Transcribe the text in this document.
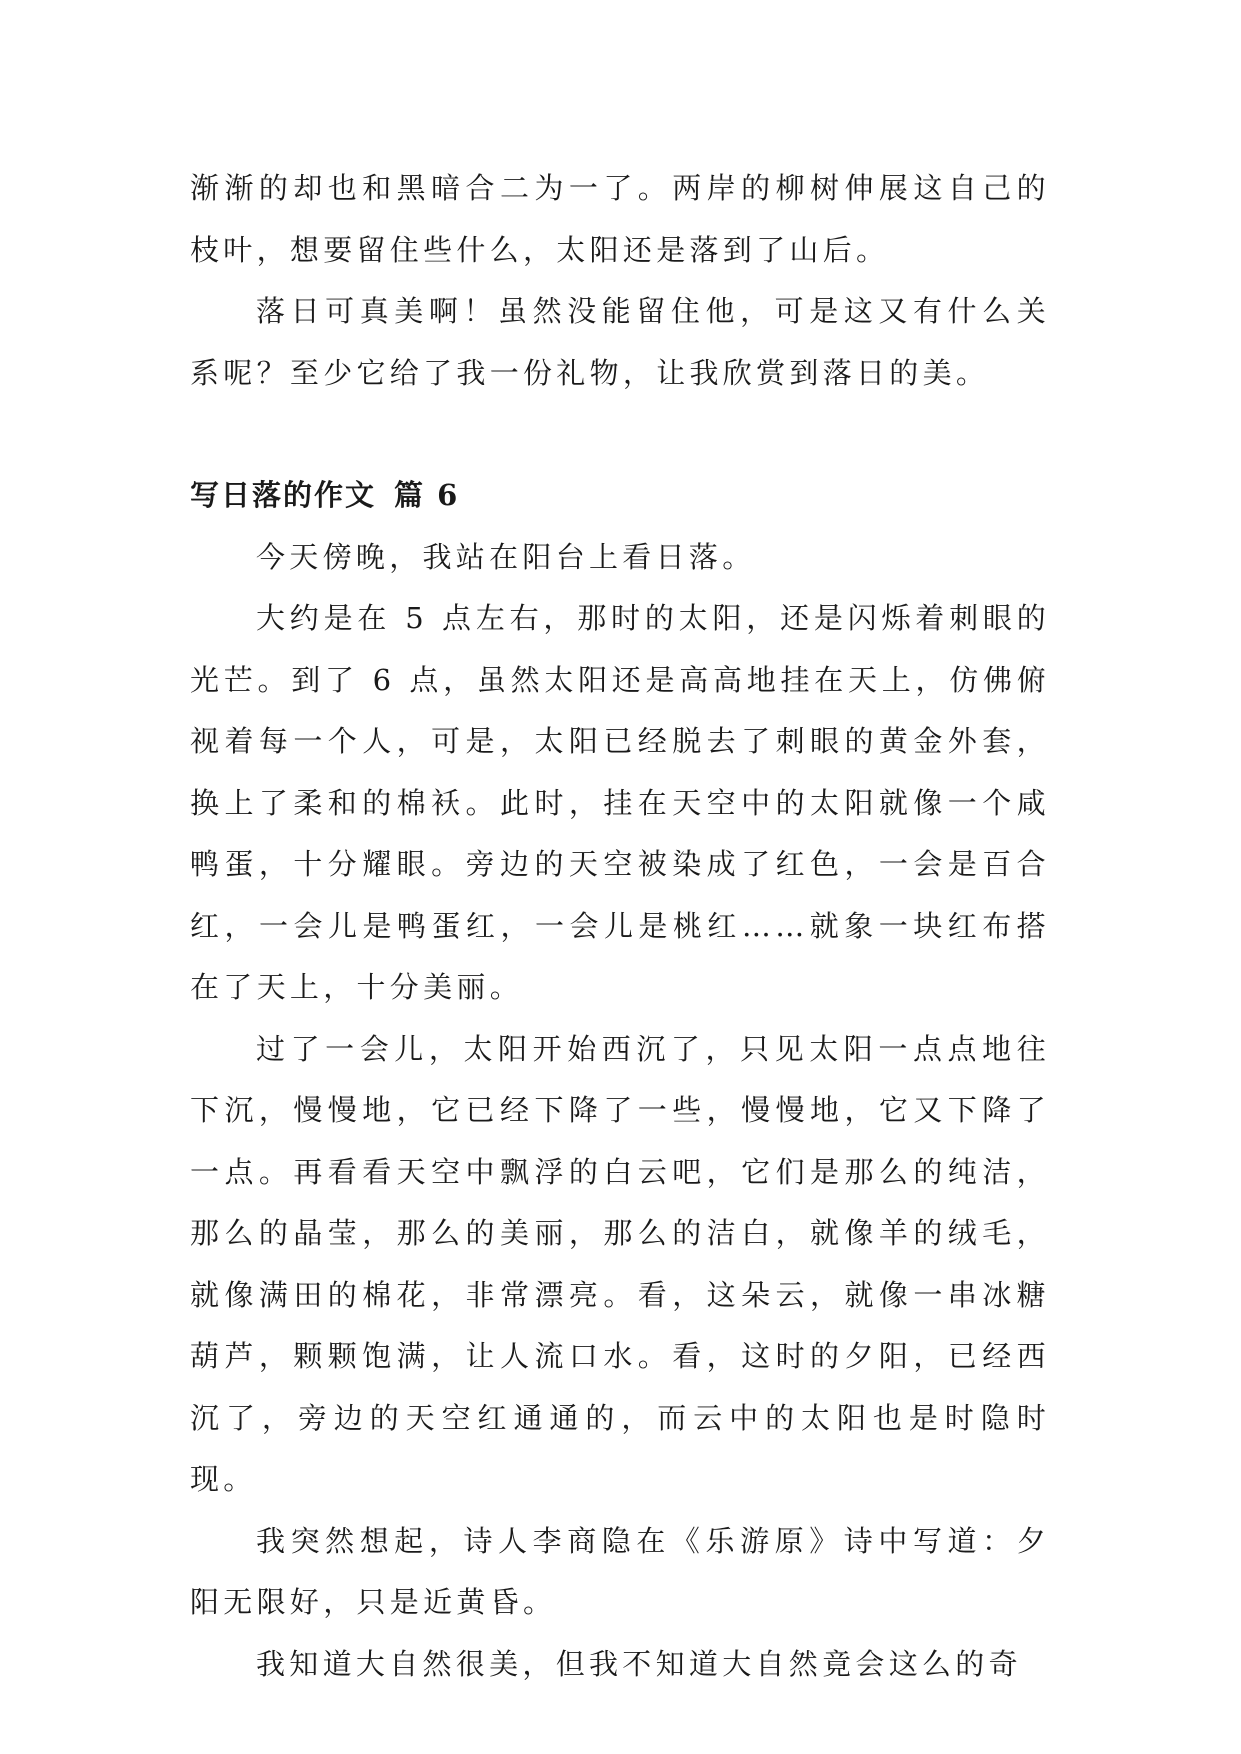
渐渐的却也和黑暗合二为一了。两岸的柳树伸展这自己的枝叶，想要留住些什么，太阳还是落到了山后。

落日可真美啊！虽然没能留住他，可是这又有什么关系呢？至少它给了我一份礼物，让我欣赏到落日的美。

写日落的作文 篇 6

今天傍晚，我站在阳台上看日落。

大约是在 5 点左右，那时的太阳，还是闪烁着刺眼的光芒。到了 6 点，虽然太阳还是高高地挂在天上，仿佛俯视着每一个人，可是，太阳已经脱去了刺眼的黄金外套，换上了柔和的棉袄。此时，挂在天空中的太阳就像一个咸鸭蛋，十分耀眼。旁边的天空被染成了红色，一会是百合红，一会儿是鸭蛋红，一会儿是桃红……就象一块红布搭在了天上，十分美丽。

过了一会儿，太阳开始西沉了，只见太阳一点点地往下沉，慢慢地，它已经下降了一些，慢慢地，它又下降了一点。再看看天空中飘浮的白云吧，它们是那么的纯洁，那么的晶莹，那么的美丽，那么的洁白，就像羊的绒毛，就像满田的棉花，非常漂亮。看，这朵云，就像一串冰糖葫芦，颗颗饱满，让人流口水。看，这时的夕阳，已经西沉了，旁边的天空红通通的，而云中的太阳也是时隐时现。

我突然想起，诗人李商隐在《乐游原》诗中写道：夕阳无限好，只是近黄昏。

我知道大自然很美，但我不知道大自然竟会这么的奇
